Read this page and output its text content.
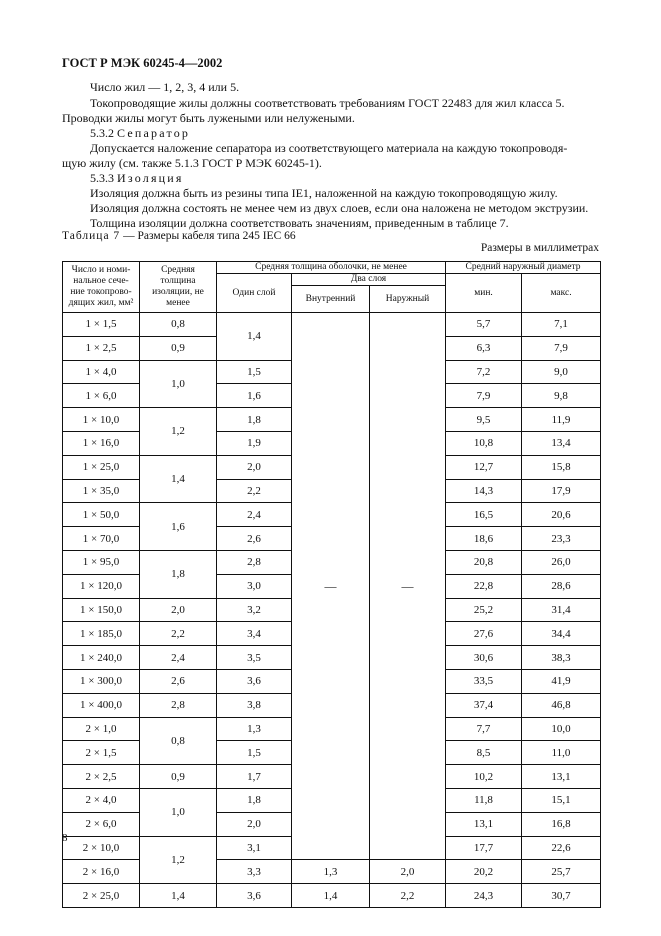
ГОСТ Р МЭК 60245-4—2002
Число жил — 1, 2, 3, 4 или 5.
Токопроводящие жилы должны соответствовать требованиям ГОСТ 22483 для жил класса 5.
Проводки жилы могут быть лужеными или нелужеными.
5.3.2 Сепаратор
Допускается наложение сепаратора из соответствующего материала на каждую токопроводя-
щую жилу (см. также 5.1.3 ГОСТ Р МЭК 60245-1).
5.3.3 Изоляция
Изоляция должна быть из резины типа IE1, наложенной на каждую токопроводящую жилу.
Изоляция должна состоять не менее чем из двух слоев, если она наложена не методом экструзии.
Толщина изоляции должна соответствовать значениям, приведенным в таблице 7.
Таблица 7 — Размеры кабеля типа 245 IEC 66
Размеры в миллиметрах
Число и номи-нальное сече-ние токопрово-дящих жил, мм²	Средняя толщина изоляции, не менее	Средняя толщина оболочки, не менее			Средний наружный диаметр	
		Один слой	Два слоя		мин.	макс.
			Внутренний	Наружный		
1 × 1,5	0,8	1,4	—	—	5,7	7,1
1 × 2,5	0,9				6,3	7,9
1 × 4,0	1,0	1,5			7,2	9,0
1 × 6,0		1,6			7,9	9,8
1 × 10,0	1,2	1,8			9,5	11,9
1 × 16,0		1,9			10,8	13,4
1 × 25,0	1,4	2,0			12,7	15,8
1 × 35,0		2,2			14,3	17,9
1 × 50,0	1,6	2,4			16,5	20,6
1 × 70,0		2,6			18,6	23,3
1 × 95,0	1,8	2,8			20,8	26,0
1 × 120,0		3,0			22,8	28,6
1 × 150,0	2,0	3,2			25,2	31,4
1 × 185,0	2,2	3,4			27,6	34,4
1 × 240,0	2,4	3,5			30,6	38,3
1 × 300,0	2,6	3,6			33,5	41,9
1 × 400,0	2,8	3,8			37,4	46,8
2 × 1,0	0,8	1,3			7,7	10,0
2 × 1,5		1,5			8,5	11,0
2 × 2,5	0,9	1,7			10,2	13,1
2 × 4,0	1,0	1,8			11,8	15,1
2 × 6,0		2,0			13,1	16,8
2 × 10,0	1,2	3,1			17,7	22,6
2 × 16,0		3,3	1,3	2,0	20,2	25,7
2 × 25,0	1,4	3,6	1,4	2,2	24,3	30,7
8
